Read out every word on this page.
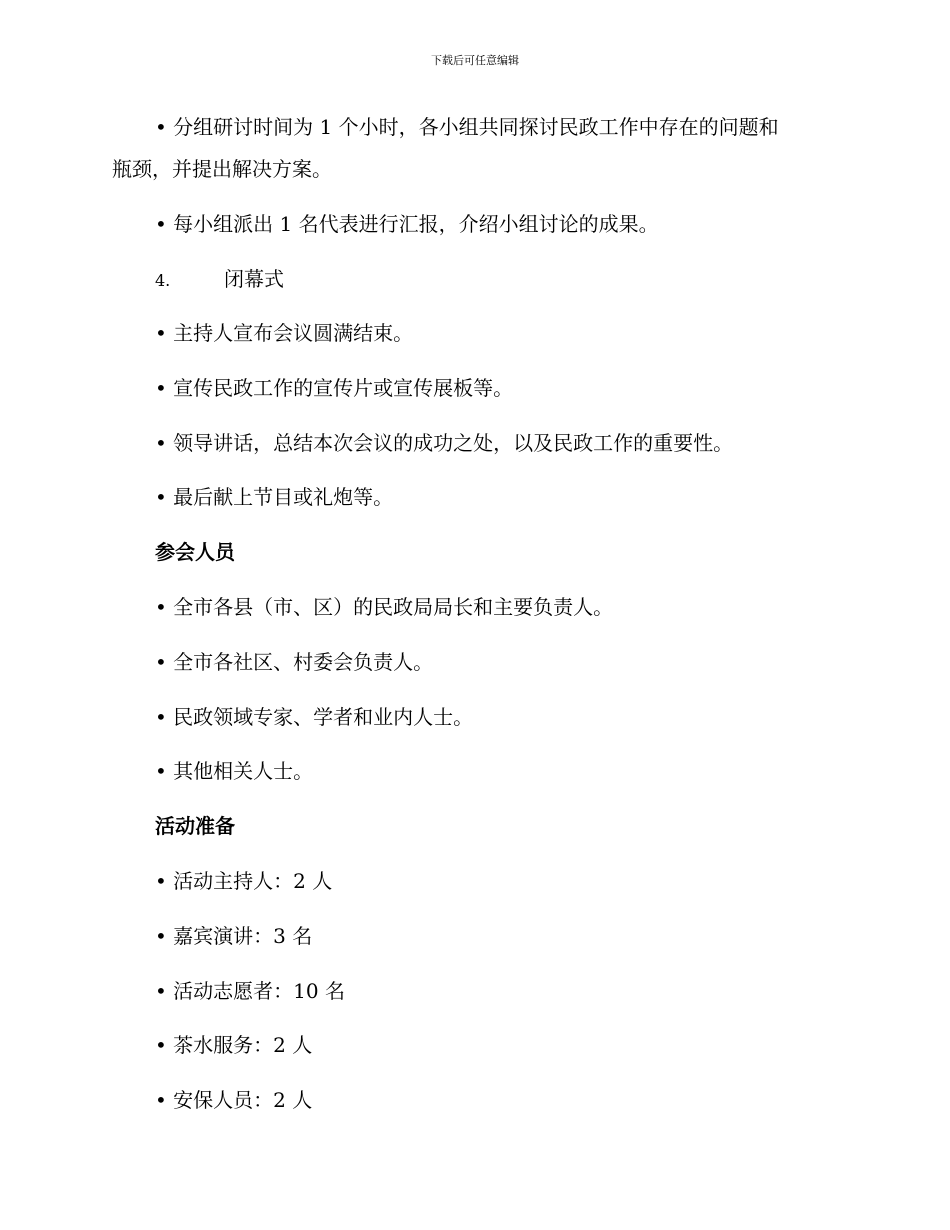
下载后可任意编辑
• 分组研讨时间为 1 个小时，各小组共同探讨民政工作中存在的问题和
瓶颈，并提出解决方案。
• 每小组派出 1 名代表进行汇报，介绍小组讨论的成果。
4.	闭幕式
• 主持人宣布会议圆满结束。
• 宣传民政工作的宣传片或宣传展板等。
• 领导讲话，总结本次会议的成功之处，以及民政工作的重要性。
• 最后献上节目或礼炮等。
参会人员
• 全市各县（市、区）的民政局局长和主要负责人。
• 全市各社区、村委会负责人。
• 民政领域专家、学者和业内人士。
• 其他相关人士。
活动准备
• 活动主持人：2 人
• 嘉宾演讲：3 名
• 活动志愿者：10 名
• 茶水服务：2 人
• 安保人员：2 人
